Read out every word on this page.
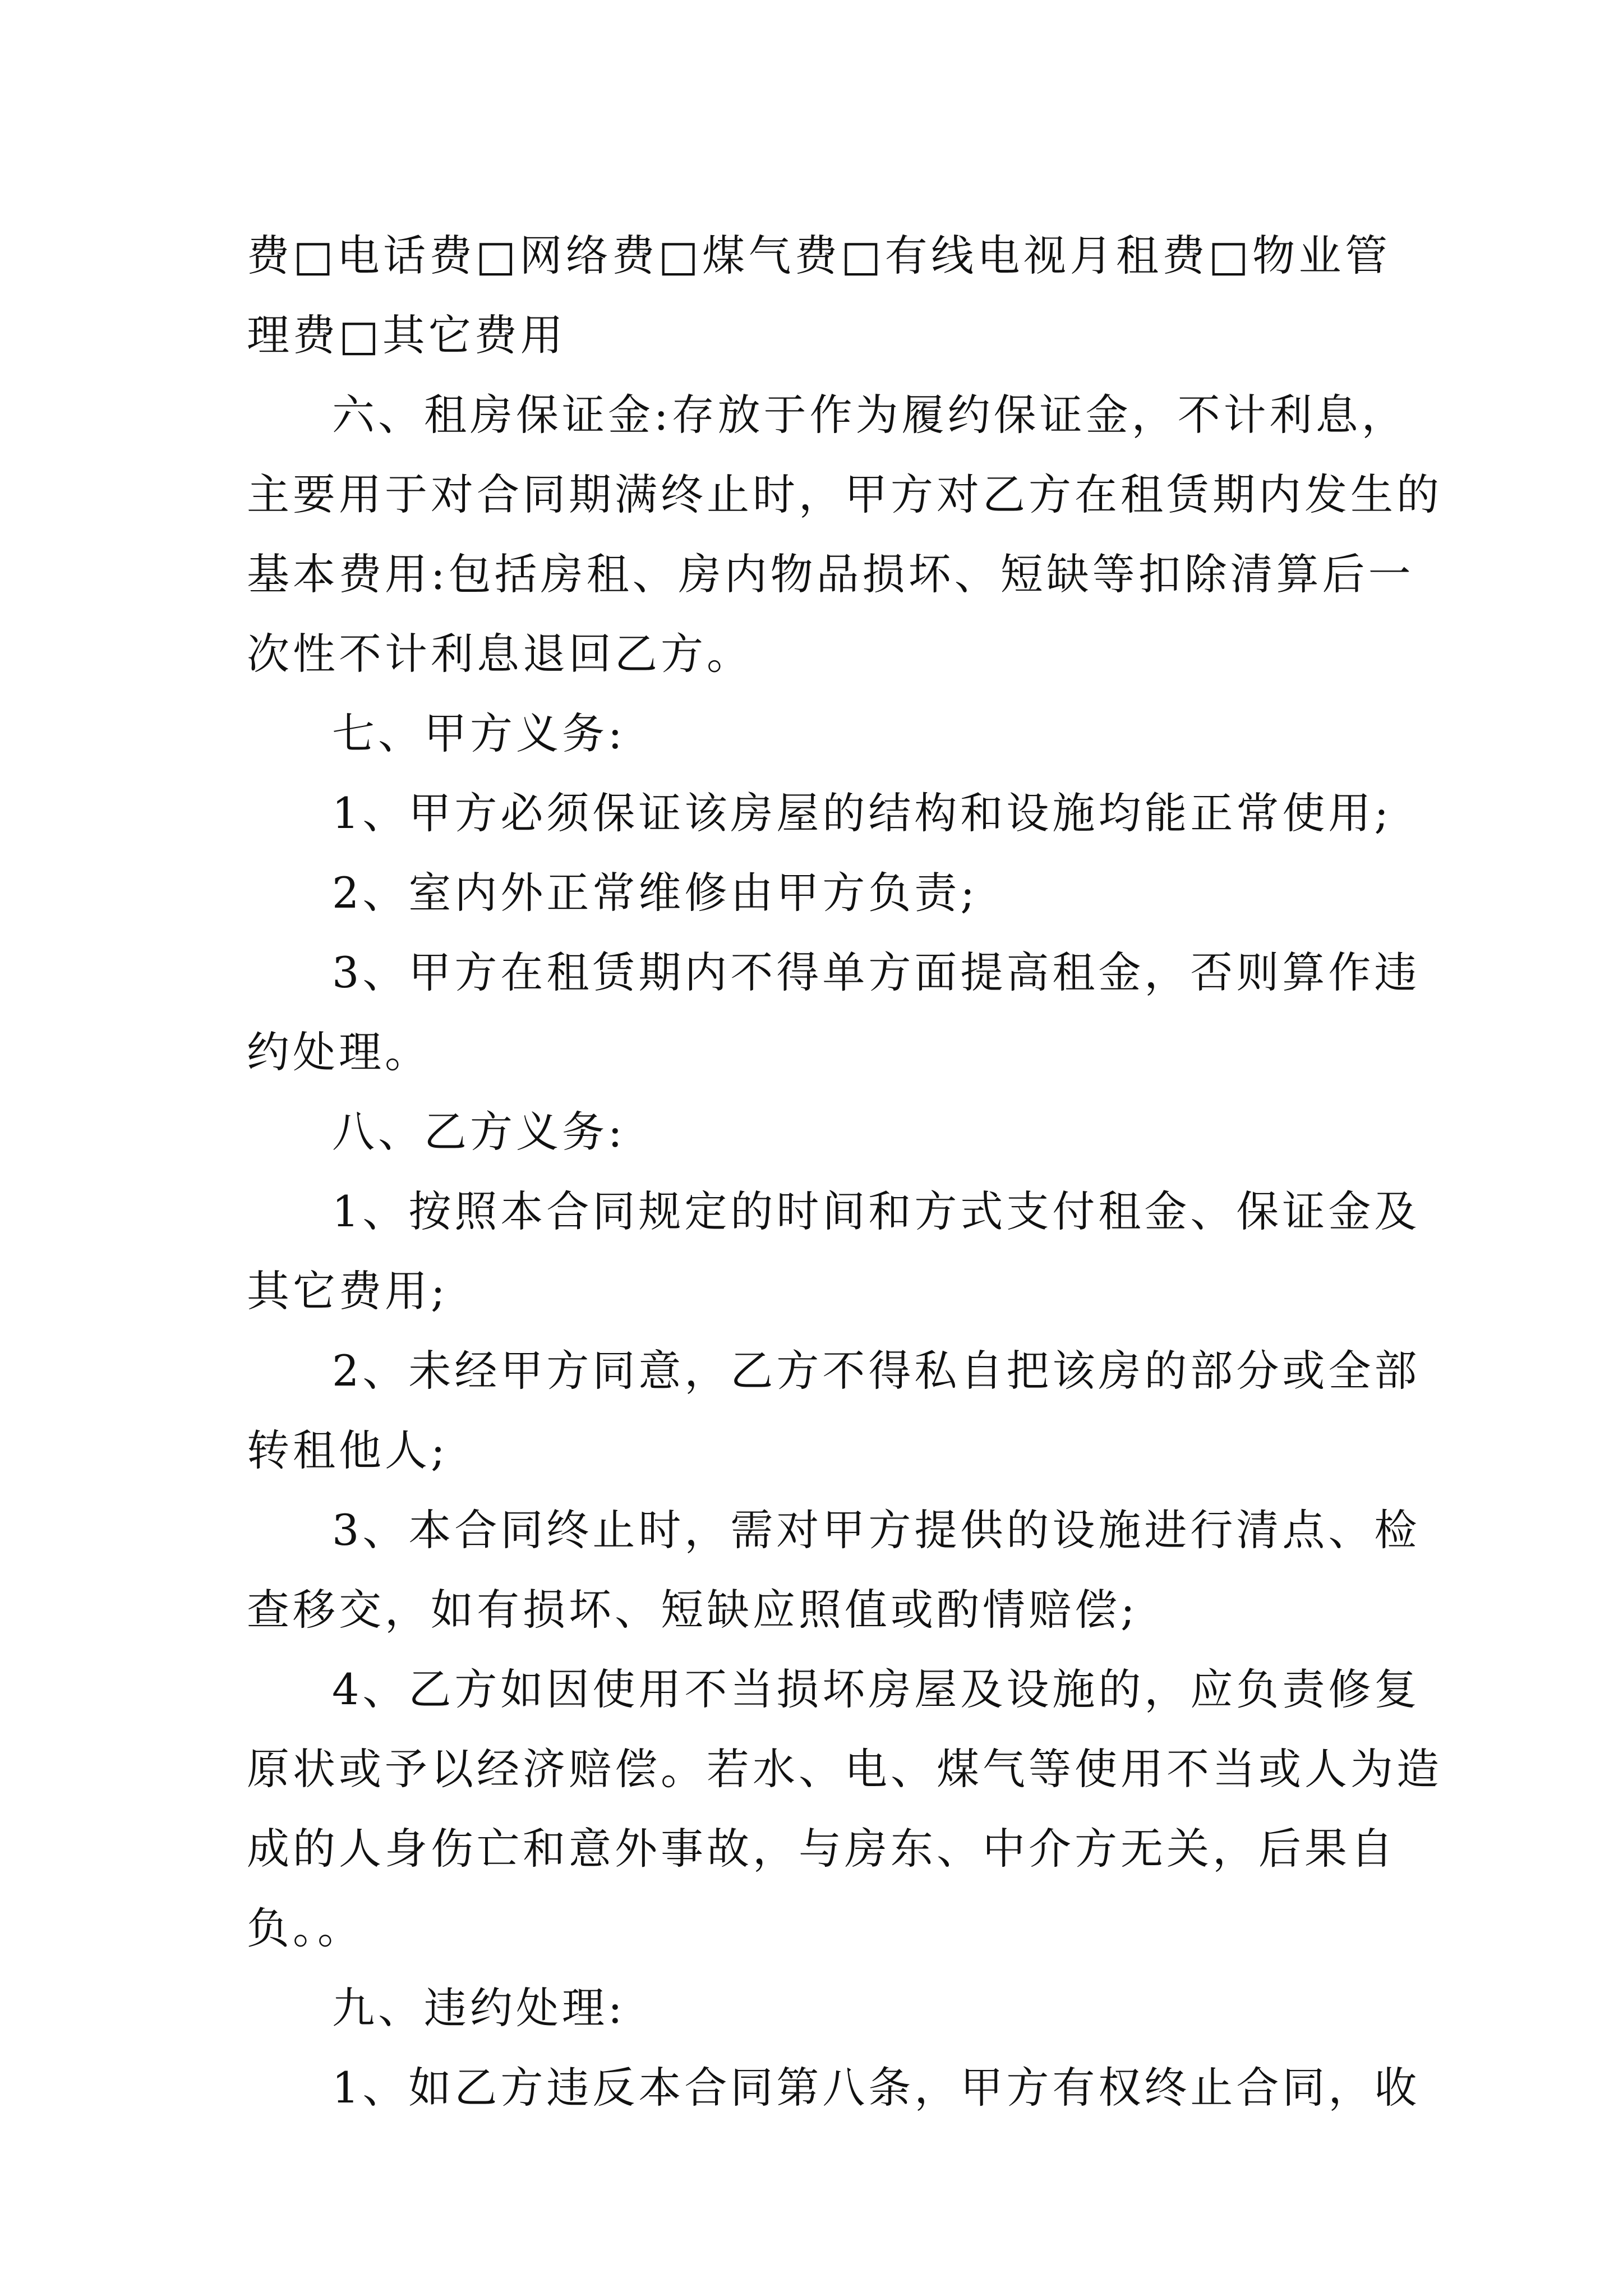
费□电话费□网络费□煤气费□有线电视月租费□物业管
理费□其它费用
六、租房保证金:存放于作为履约保证金，不计利息，
主要用于对合同期满终止时，甲方对乙方在租赁期内发生的
基本费用:包括房租、房内物品损坏、短缺等扣除清算后一
次性不计利息退回乙方。
七、甲方义务:
1、甲方必须保证该房屋的结构和设施均能正常使用;
2、室内外正常维修由甲方负责;
3、甲方在租赁期内不得单方面提高租金，否则算作违
约处理。
八、乙方义务:
1、按照本合同规定的时间和方式支付租金、保证金及
其它费用;
2、未经甲方同意，乙方不得私自把该房的部分或全部
转租他人;
3、本合同终止时，需对甲方提供的设施进行清点、检
查移交，如有损坏、短缺应照值或酌情赔偿;
4、乙方如因使用不当损坏房屋及设施的，应负责修复
原状或予以经济赔偿。若水、电、煤气等使用不当或人为造
成的人身伤亡和意外事故，与房东、中介方无关，后果自
负。。
九、违约处理:
1、如乙方违反本合同第八条，甲方有权终止合同，收
